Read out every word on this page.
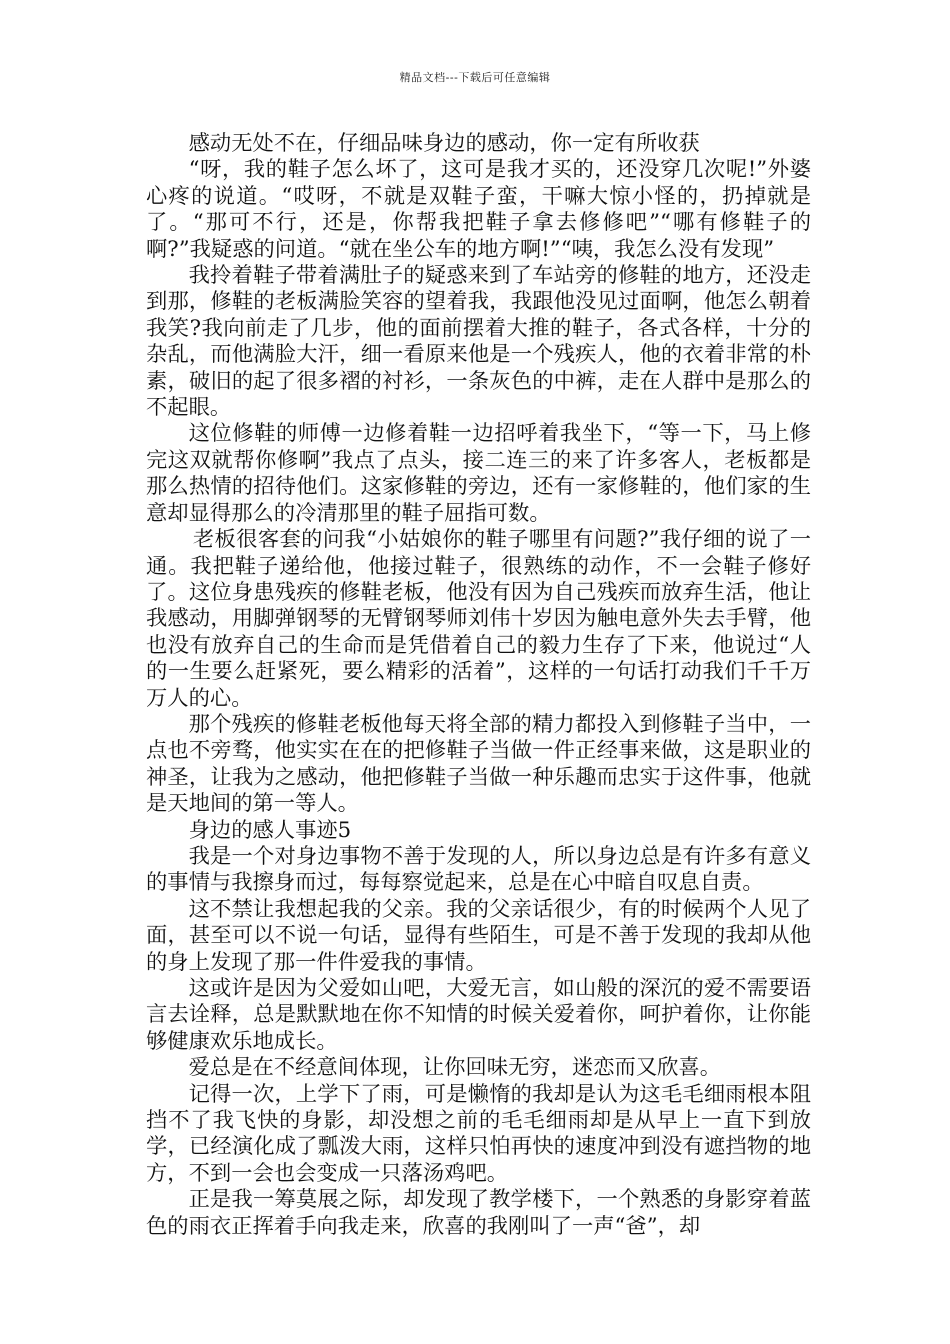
精品文档---下载后可任意编辑

感动无处不在，仔细品味身边的感动，你一定有所收获

“呀，我的鞋子怎么坏了，这可是我才买的，还没穿几次呢!”外婆心疼的说道。“哎呀，不就是双鞋子蛮，干嘛大惊小怪的，扔掉就是了。“那可不行，还是，你帮我把鞋子拿去修修吧”“哪有修鞋子的啊?”我疑惑的问道。“就在坐公车的地方啊!”“咦，我怎么没有发现”

我拎着鞋子带着满肚子的疑惑来到了车站旁的修鞋的地方，还没走到那，修鞋的老板满脸笑容的望着我，我跟他没见过面啊，他怎么朝着我笑?我向前走了几步，他的面前摆着大推的鞋子，各式各样，十分的杂乱，而他满脸大汗，细一看原来他是一个残疾人，他的衣着非常的朴素，破旧的起了很多褶的衬衫，一条灰色的中裤，走在人群中是那么的不起眼。

这位修鞋的师傅一边修着鞋一边招呼着我坐下，“等一下，马上修完这双就帮你修啊”我点了点头，接二连三的来了许多客人，老板都是那么热情的招待他们。这家修鞋的旁边，还有一家修鞋的，他们家的生意却显得那么的冷清那里的鞋子屈指可数。

老板很客套的问我“小姑娘你的鞋子哪里有问题?”我仔细的说了一通。我把鞋子递给他，他接过鞋子，很熟练的动作，不一会鞋子修好了。这位身患残疾的修鞋老板，他没有因为自己残疾而放弃生活，他让我感动，用脚弹钢琴的无臂钢琴师刘伟十岁因为触电意外失去手臂，他也没有放弃自己的生命而是凭借着自己的毅力生存了下来，他说过“人的一生要么赶紧死，要么精彩的活着”，这样的一句话打动我们千千万万人的心。

那个残疾的修鞋老板他每天将全部的精力都投入到修鞋子当中，一点也不旁骛，他实实在在的把修鞋子当做一件正经事来做，这是职业的神圣，让我为之感动，他把修鞋子当做一种乐趣而忠实于这件事，他就是天地间的第一等人。

身边的感人事迹5

我是一个对身边事物不善于发现的人，所以身边总是有许多有意义的事情与我擦身而过，每每察觉起来，总是在心中暗自叹息自责。

这不禁让我想起我的父亲。我的父亲话很少，有的时候两个人见了面，甚至可以不说一句话，显得有些陌生，可是不善于发现的我却从他的身上发现了那一件件爱我的事情。

这或许是因为父爱如山吧，大爱无言，如山般的深沉的爱不需要语言去诠释，总是默默地在你不知情的时候关爱着你，呵护着你，让你能够健康欢乐地成长。

爱总是在不经意间体现，让你回味无穷，迷恋而又欣喜。

记得一次，上学下了雨，可是懒惰的我却是认为这毛毛细雨根本阻挡不了我飞快的身影，却没想之前的毛毛细雨却是从早上一直下到放学，已经演化成了瓢泼大雨，这样只怕再快的速度冲到没有遮挡物的地方，不到一会也会变成一只落汤鸡吧。

正是我一筹莫展之际，却发现了教学楼下，一个熟悉的身影穿着蓝色的雨衣正挥着手向我走来，欣喜的我刚叫了一声“爸”，却
